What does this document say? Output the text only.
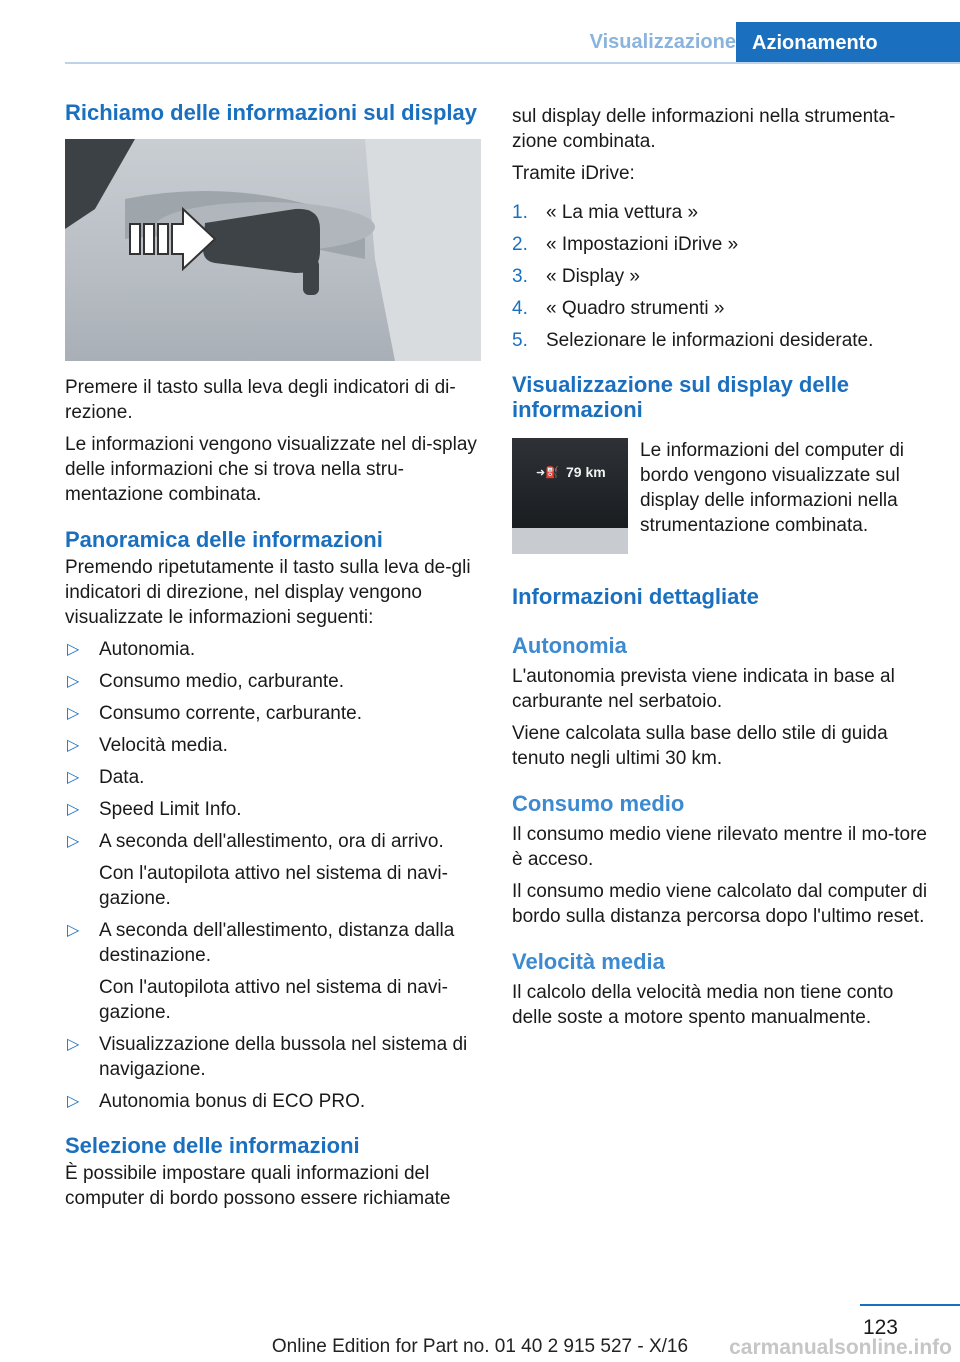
Visualizzazione Azionamento
Richiamo delle informazioni sul display

Premere il tasto sulla leva degli indicatori di di‐rezione.

Le informazioni vengono visualizzate nel di‐splay delle informazioni che si trova nella stru‐mentazione combinata.

Panoramica delle informazioni

Premendo ripetutamente il tasto sulla leva de‐gli indicatori di direzione, nel display vengono visualizzate le informazioni seguenti:

▷ Autonomia.
▷ Consumo medio, carburante.
▷ Consumo corrente, carburante.
▷ Velocità media.
▷ Data.
▷ Speed Limit Info.
▷ A seconda dell'allestimento, ora di arrivo.
Con l'autopilota attivo nel sistema di navi‐gazione.
▷ A seconda dell'allestimento, distanza dalla destinazione.
Con l'autopilota attivo nel sistema di navi‐gazione.
▷ Visualizzazione della bussola nel sistema di navigazione.
▷ Autonomia bonus di ECO PRO.
Selezione delle informazioni

È possibile impostare quali informazioni del computer di bordo possono essere richiamate

sul display delle informazioni nella strumenta‐zione combinata.

Tramite iDrive:

1. « La mia vettura »
2. « Impostazioni iDrive »
3. « Display »
4. « Quadro strumenti »
5. Selezionare le informazioni desiderate.
Visualizzazione sul display delle informazioni
➜⛽ 79 km

Le informazioni del computer di bordo vengono visualizzate sul display delle informazioni nella strumentazione combinata.

Informazioni dettagliate
Autonomia

L'autonomia prevista viene indicata in base al carburante nel serbatoio.

Viene calcolata sulla base dello stile di guida tenuto negli ultimi 30 km.

Consumo medio

Il consumo medio viene rilevato mentre il mo‐tore è acceso.

Il consumo medio viene calcolato dal computer di bordo sulla distanza percorsa dopo l'ultimo reset.

Velocità media

Il calcolo della velocità media non tiene conto delle soste a motore spento manualmente.

123
Online Edition for Part no. 01 40 2 915 527 - X/16	carmanualsonline.info
